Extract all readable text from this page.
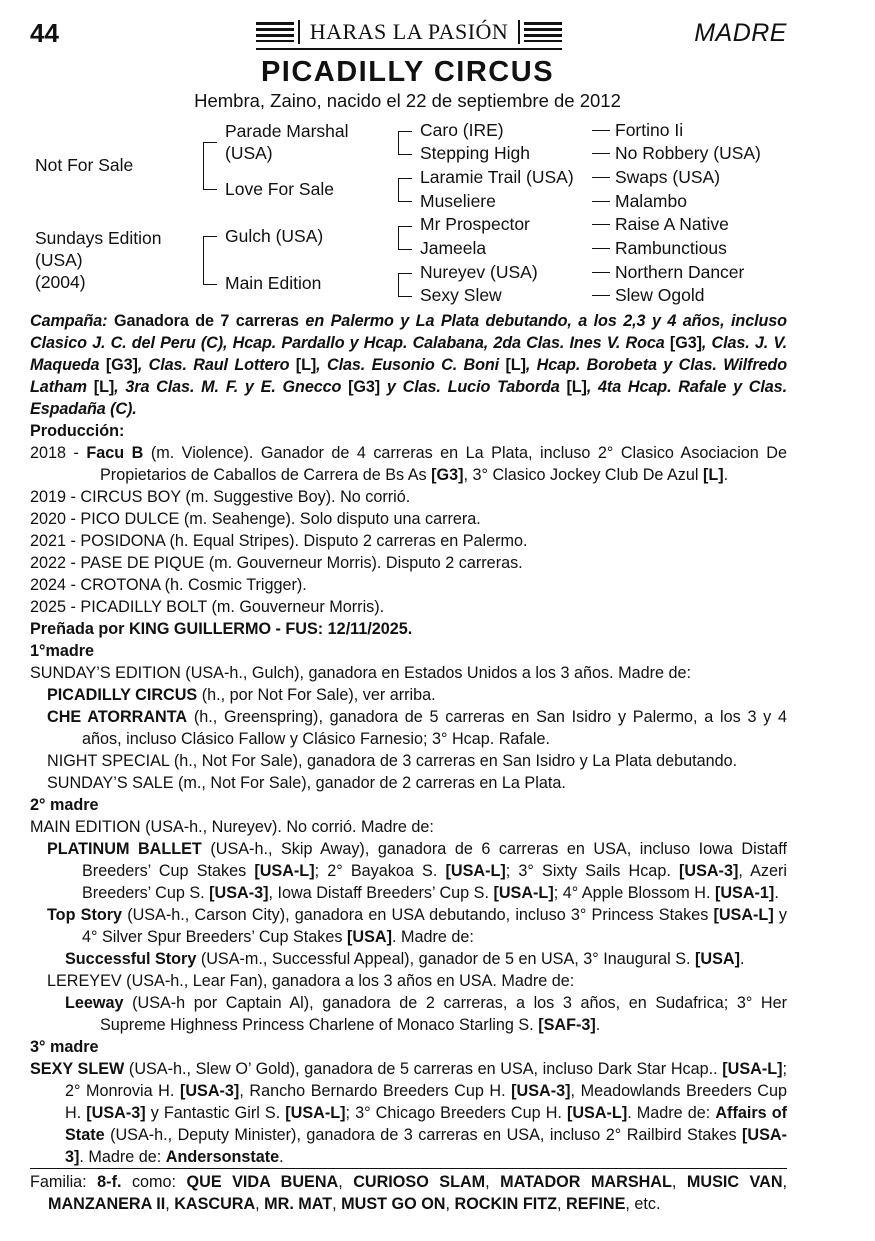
44	HARAS LA PASIÓN	MADRE
PICADILLY CIRCUS
Hembra, Zaino, nacido el 22 de septiembre de 2012
Not For Sale
Sundays Edition
(USA)
(2004)
Parade Marshal
(USA)
Love For Sale
Gulch (USA)
Main Edition
Caro (IRE)
Stepping High
Laramie Trail (USA)
Museliere
Mr Prospector
Jameela
Nureyev (USA)
Sexy Slew
Fortino Ii
No Robbery (USA)
Swaps (USA)
Malambo
Raise A Native
Rambunctious
Northern Dancer
Slew Ogold

Campaña: Ganadora de 7 carreras en Palermo y La Plata debutando, a los 2,3 y 4 años, incluso Clasico J. C. del Peru (C), Hcap. Pardallo y Hcap. Calabana, 2da Clas. Ines V. Roca [G3], Clas. J. V. Maqueda [G3], Clas. Raul Lottero [L], Clas. Eusonio C. Boni [L], Hcap. Borobeta y Clas. Wilfredo Latham [L], 3ra Clas. M. F. y E. Gnecco [G3] y Clas. Lucio Taborda [L], 4ta Hcap. Rafale y Clas. Espadaña (C).

Producción:

2018 - Facu B (m. Violence). Ganador de 4 carreras en La Plata, incluso 2° Clasico Asociacion De Propietarios de Caballos de Carrera de Bs As [G3], 3° Clasico Jockey Club De Azul [L].

2019 - CIRCUS BOY (m. Suggestive Boy). No corrió.

2020 - PICO DULCE (m. Seahenge). Solo disputo una carrera.

2021 - POSIDONA (h. Equal Stripes). Disputo 2 carreras en Palermo.

2022 - PASE DE PIQUE (m. Gouverneur Morris). Disputo 2 carreras.

2024 - CROTONA (h. Cosmic Trigger).

2025 - PICADILLY BOLT (m. Gouverneur Morris).

Preñada por KING GUILLERMO - FUS: 12/11/2025.

1°madre

SUNDAY’S EDITION (USA-h., Gulch), ganadora en Estados Unidos a los 3 años. Madre de:

PICADILLY CIRCUS (h., por Not For Sale), ver arriba.

CHE ATORRANTA (h., Greenspring), ganadora de 5 carreras en San Isidro y Palermo, a los 3 y 4 años, incluso Clásico Fallow y Clásico Farnesio; 3° Hcap. Rafale.

NIGHT SPECIAL (h., Not For Sale), ganadora de 3 carreras en San Isidro y La Plata debutando.

SUNDAY’S SALE (m., Not For Sale), ganador de 2 carreras en La Plata.

2° madre

MAIN EDITION (USA-h., Nureyev). No corrió. Madre de:

PLATINUM BALLET (USA-h., Skip Away), ganadora de 6 carreras en USA, incluso Iowa Distaff Breeders’ Cup Stakes [USA-L]; 2° Bayakoa S. [USA-L]; 3° Sixty Sails Hcap. [USA-3], Azeri Breeders’ Cup S. [USA-3], Iowa Distaff Breeders’ Cup S. [USA-L]; 4° Apple Blossom H. [USA-1].

Top Story (USA-h., Carson City), ganadora en USA debutando, incluso 3° Princess Stakes [USA-L] y 4° Silver Spur Breeders’ Cup Stakes [USA]. Madre de:

Successful Story (USA-m., Successful Appeal), ganador de 5 en USA, 3° Inaugural S. [USA].

LEREYEV (USA-h., Lear Fan), ganadora a los 3 años en USA. Madre de:

Leeway (USA-h por Captain Al), ganadora de 2 carreras, a los 3 años, en Sudafrica; 3° Her Supreme Highness Princess Charlene of Monaco Starling S. [SAF-3].

3° madre

SEXY SLEW (USA-h., Slew O’ Gold), ganadora de 5 carreras en USA, incluso Dark Star Hcap.. [USA-L]; 2° Monrovia H. [USA-3], Rancho Bernardo Breeders Cup H. [USA-3], Meadowlands Breeders Cup H. [USA-3] y Fantastic Girl S. [USA-L]; 3° Chicago Breeders Cup H. [USA-L]. Madre de: Affairs of State (USA-h., Deputy Minister), ganadora de 3 carreras en USA, incluso 2° Railbird Stakes [USA-3]. Madre de: Andersonstate.

Familia: 8-f. como: QUE VIDA BUENA, CURIOSO SLAM, MATADOR MARSHAL, MUSIC VAN, MANZANERA II, KASCURA, MR. MAT, MUST GO ON, ROCKIN FITZ, REFINE, etc.
